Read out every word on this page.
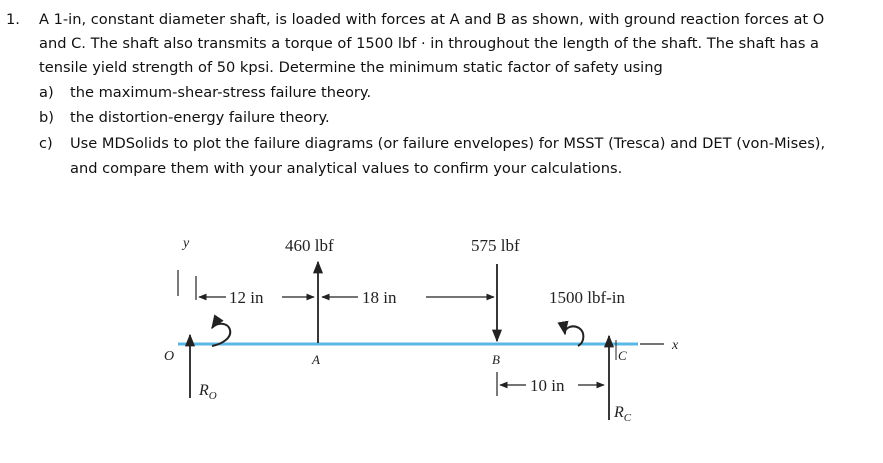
1. A 1-in, constant diameter shaft, is loaded with forces at A and B as shown, with ground reaction forces at O
and C. The shaft also transmits a torque of 1500 lbf · in throughout the length of the shaft. The shaft has a
tensile yield strength of 50 kpsi. Determine the minimum static factor of safety using
a) the maximum-shear-stress failure theory.
b) the distortion-energy failure theory.
c) Use MDSolids to plot the failure diagrams (or failure envelopes) for MSST (Tresca) and DET (von-Mises),
and compare them with your analytical values to confirm your calculations.
y
x
12 in	18 in
460 lbf
A
575 lbf
B
1500 lbf-in
O
$R_O$
C
$R_C$
10 in
